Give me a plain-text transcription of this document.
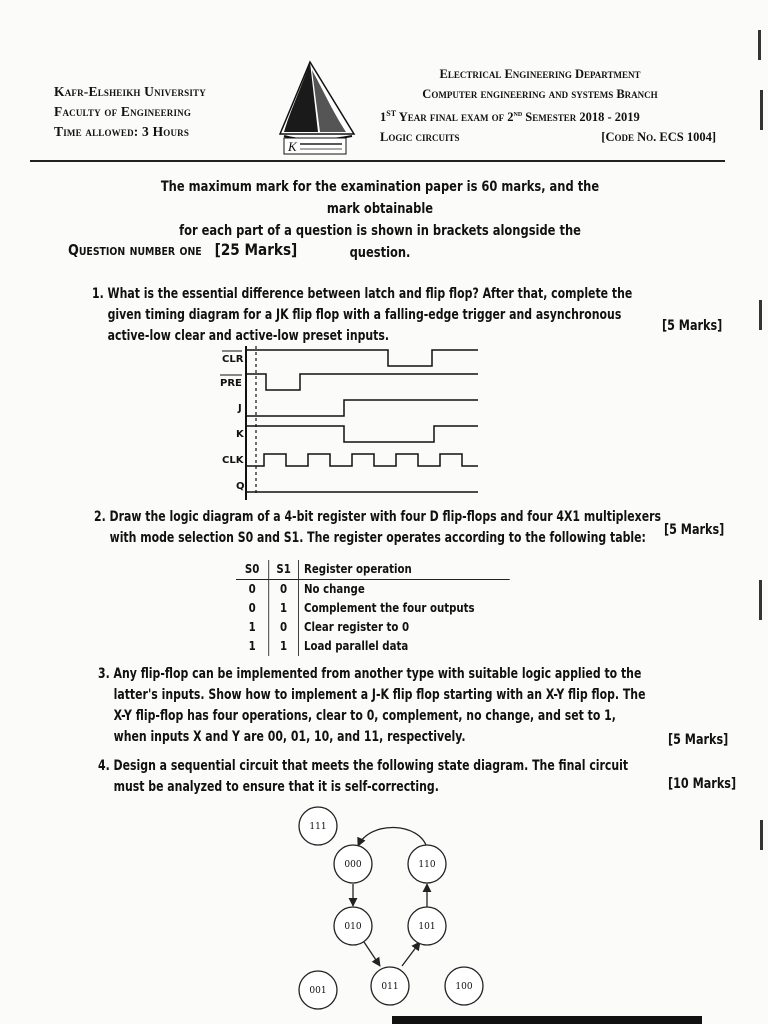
Kafr-Elsheikh University
Faculty of Engineering
Time allowed: 3 Hours
K
Electrical Engineering Department
Computer engineering and systems Branch
1ST Year final exam of 2nd Semester 2018 - 2019
Logic circuits	[Code No. ECS 1004]
The maximum mark for the examination paper is 60 marks, and the mark obtainable
for each part of a question is shown in brackets alongside the question.
Question number one [25 Marks]
1. What is the essential difference between latch and flip flop? After that, complete the
given timing diagram for a JK flip flop with a falling-edge trigger and asynchronous
active-low clear and active-low preset inputs.
[5 Marks]
CLR
PRE
J
K
CLK
Q
2. Draw the logic diagram of a 4-bit register with four D flip-flops and four 4X1 multiplexers
with mode selection S0 and S1. The register operates according to the following table:	[5 Marks]
S0	S1	Register operation
0	0	No change
0	1	Complement the four outputs
1	0	Clear register to 0
1	1	Load parallel data
3. Any flip-flop can be implemented from another type with suitable logic applied to the
latter's inputs. Show how to implement a J-K flip flop starting with an X-Y flip flop. The
X-Y flip-flop has four operations, clear to 0, complement, no change, and set to 1,
when inputs X and Y are 00, 01, 10, and 11, respectively.	[5 Marks]
4. Design a sequential circuit that meets the following state diagram. The final circuit
must be analyzed to ensure that it is self-correcting.	[10 Marks]
111
000	110
010	101
011
001	100
